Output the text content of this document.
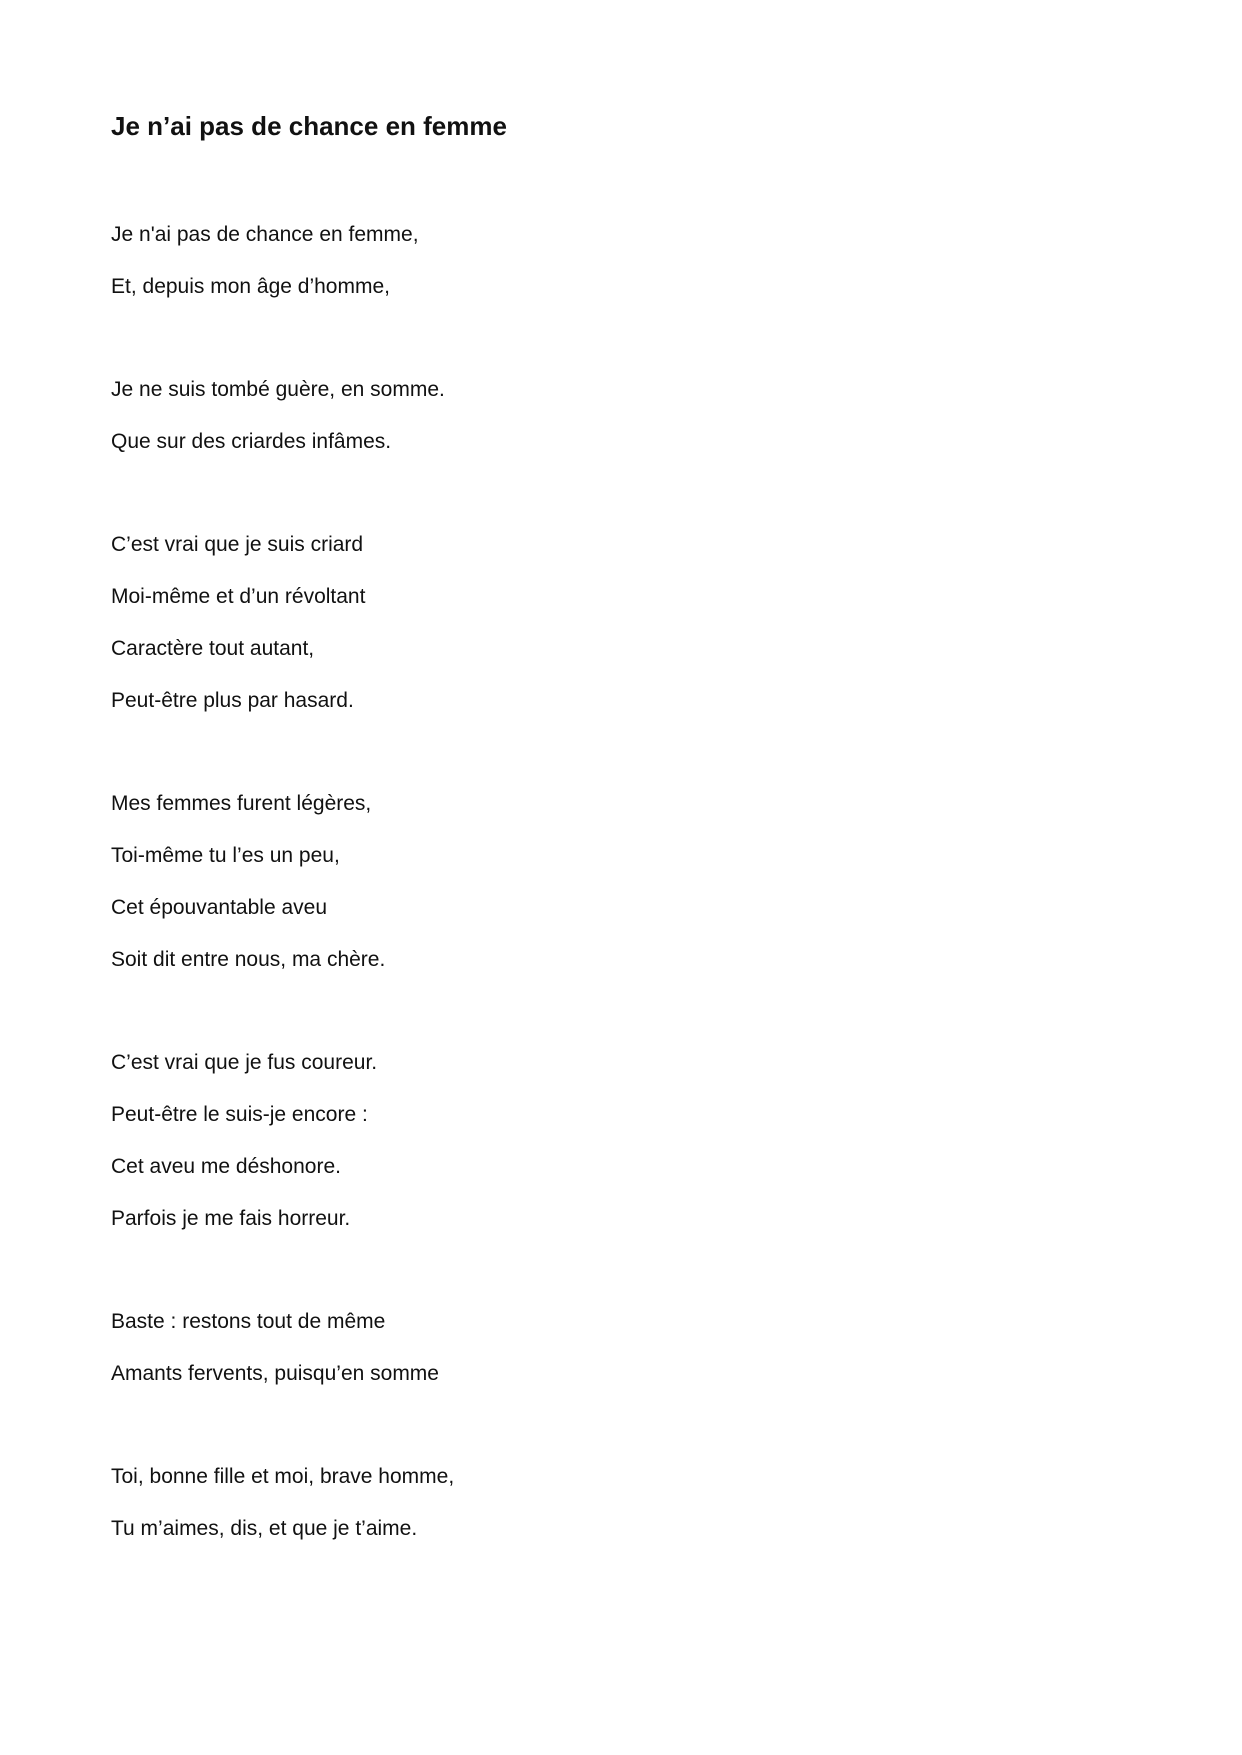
Je n’ai pas de chance en femme
Je n'ai pas de chance en femme,
Et, depuis mon âge d’homme,
Je ne suis tombé guère, en somme.
Que sur des criardes infâmes.
C’est vrai que je suis criard
Moi-même et d’un révoltant
Caractère tout autant,
Peut-être plus par hasard.
Mes femmes furent légères,
Toi-même tu l’es un peu,
Cet épouvantable aveu
Soit dit entre nous, ma chère.
C’est vrai que je fus coureur.
Peut-être le suis-je encore :
Cet aveu me déshonore.
Parfois je me fais horreur.
Baste : restons tout de même
Amants fervents, puisqu’en somme
Toi, bonne fille et moi, brave homme,
Tu m’aimes, dis, et que je t’aime.
